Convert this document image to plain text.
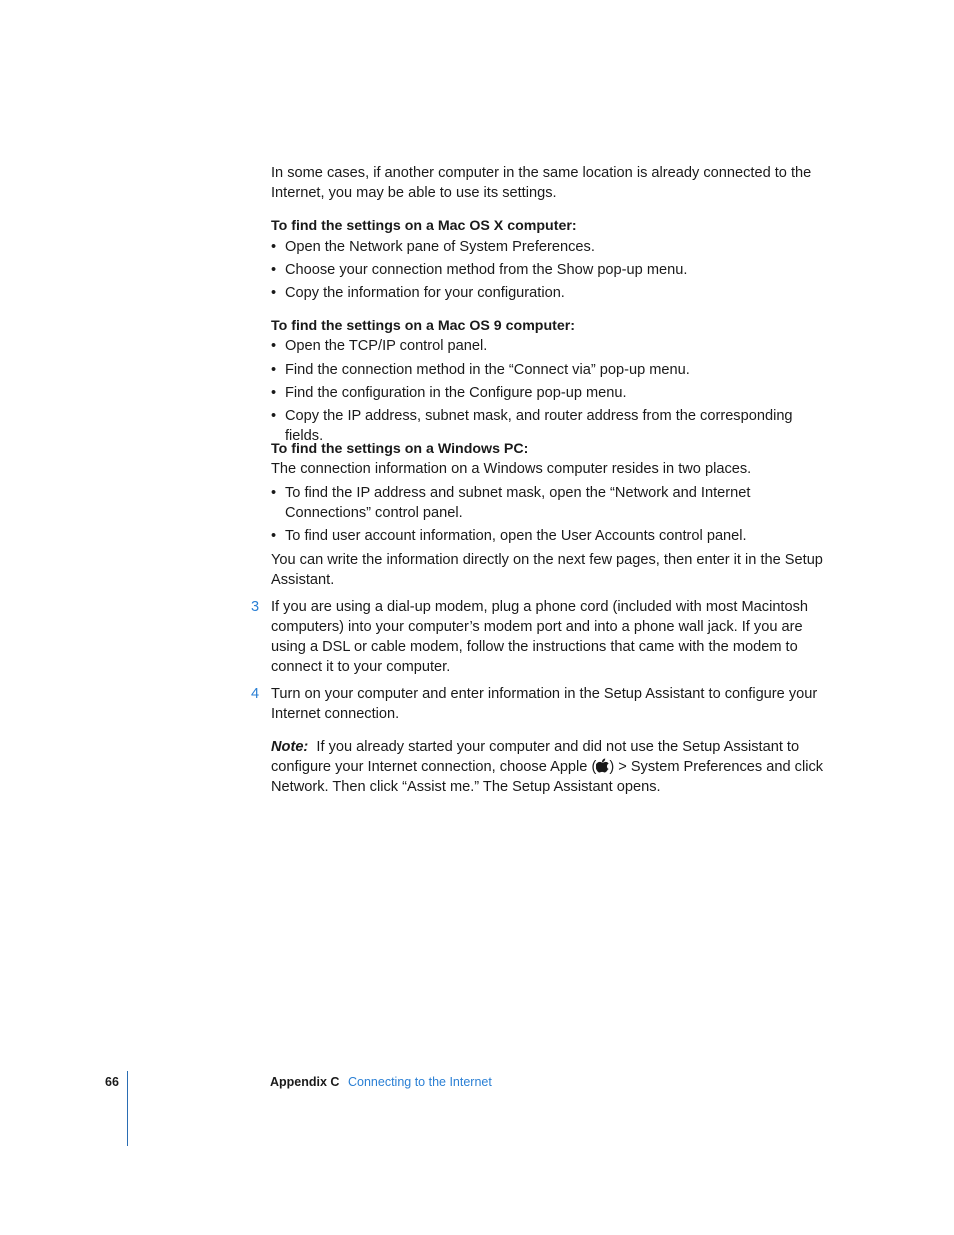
In some cases, if another computer in the same location is already connected to the Internet, you may be able to use its settings.

To find the settings on a Mac OS X computer:

• Open the Network pane of System Preferences.
• Choose your connection method from the Show pop-up menu.
• Copy the information for your configuration.

To find the settings on a Mac OS 9 computer:

• Open the TCP/IP control panel.
• Find the connection method in the “Connect via” pop-up menu.
• Find the configuration in the Configure pop-up menu.
• Copy the IP address, subnet mask, and router address from the corresponding fields.

To find the settings on a Windows PC:

The connection information on a Windows computer resides in two places.

• To find the IP address and subnet mask, open the “Network and Internet Connections” control panel.
• To find user account information, open the User Accounts control panel.

You can write the information directly on the next few pages, then enter it in the Setup Assistant.

3 If you are using a dial-up modem, plug a phone cord (included with most Macintosh computers) into your computer’s modem port and into a phone wall jack. If you are using a DSL or cable modem, follow the instructions that came with the modem to connect it to your computer.

4 Turn on your computer and enter information in the Setup Assistant to configure your Internet connection.

Note: If you already started your computer and did not use the Setup Assistant to configure your Internet connection, choose Apple ( ) > System Preferences and click Network. Then click “Assist me.” The Setup Assistant opens.

66	Appendix C Connecting to the Internet
